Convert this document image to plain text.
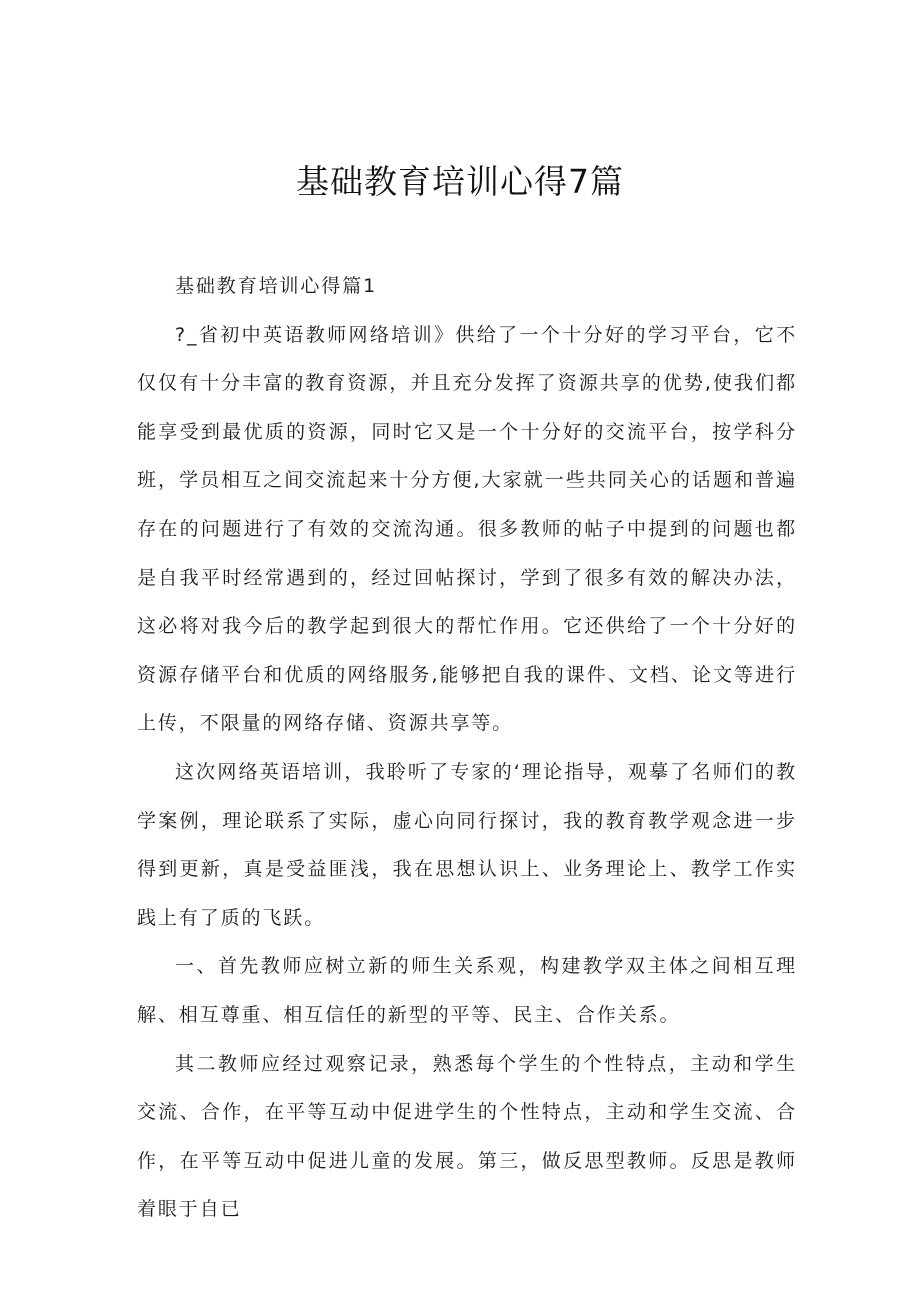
基础教育培训心得7篇

基础教育培训心得篇1

?_省初中英语教师网络培训》供给了一个十分好的学习平台，它不仅仅有十分丰富的教育资源，并且充分发挥了资源共享的优势,使我们都能享受到最优质的资源，同时它又是一个十分好的交流平台，按学科分班，学员相互之间交流起来十分方便,大家就一些共同关心的话题和普遍存在的问题进行了有效的交流沟通。很多教师的帖子中提到的问题也都是自我平时经常遇到的，经过回帖探讨，学到了很多有效的解决办法，这必将对我今后的教学起到很大的帮忙作用。它还供给了一个十分好的资源存储平台和优质的网络服务,能够把自我的课件、文档、论文等进行上传，不限量的网络存储、资源共享等。

这次网络英语培训，我聆听了专家的‘理论指导，观摹了名师们的教学案例，理论联系了实际，虚心向同行探讨，我的教育教学观念进一步得到更新，真是受益匪浅，我在思想认识上、业务理论上、教学工作实践上有了质的飞跃。

一、首先教师应树立新的师生关系观，构建教学双主体之间相互理解、相互尊重、相互信任的新型的平等、民主、合作关系。

其二教师应经过观察记录，熟悉每个学生的个性特点，主动和学生交流、合作，在平等互动中促进学生的个性特点，主动和学生交流、合作，在平等互动中促进儿童的发展。第三，做反思型教师。反思是教师着眼于自已
